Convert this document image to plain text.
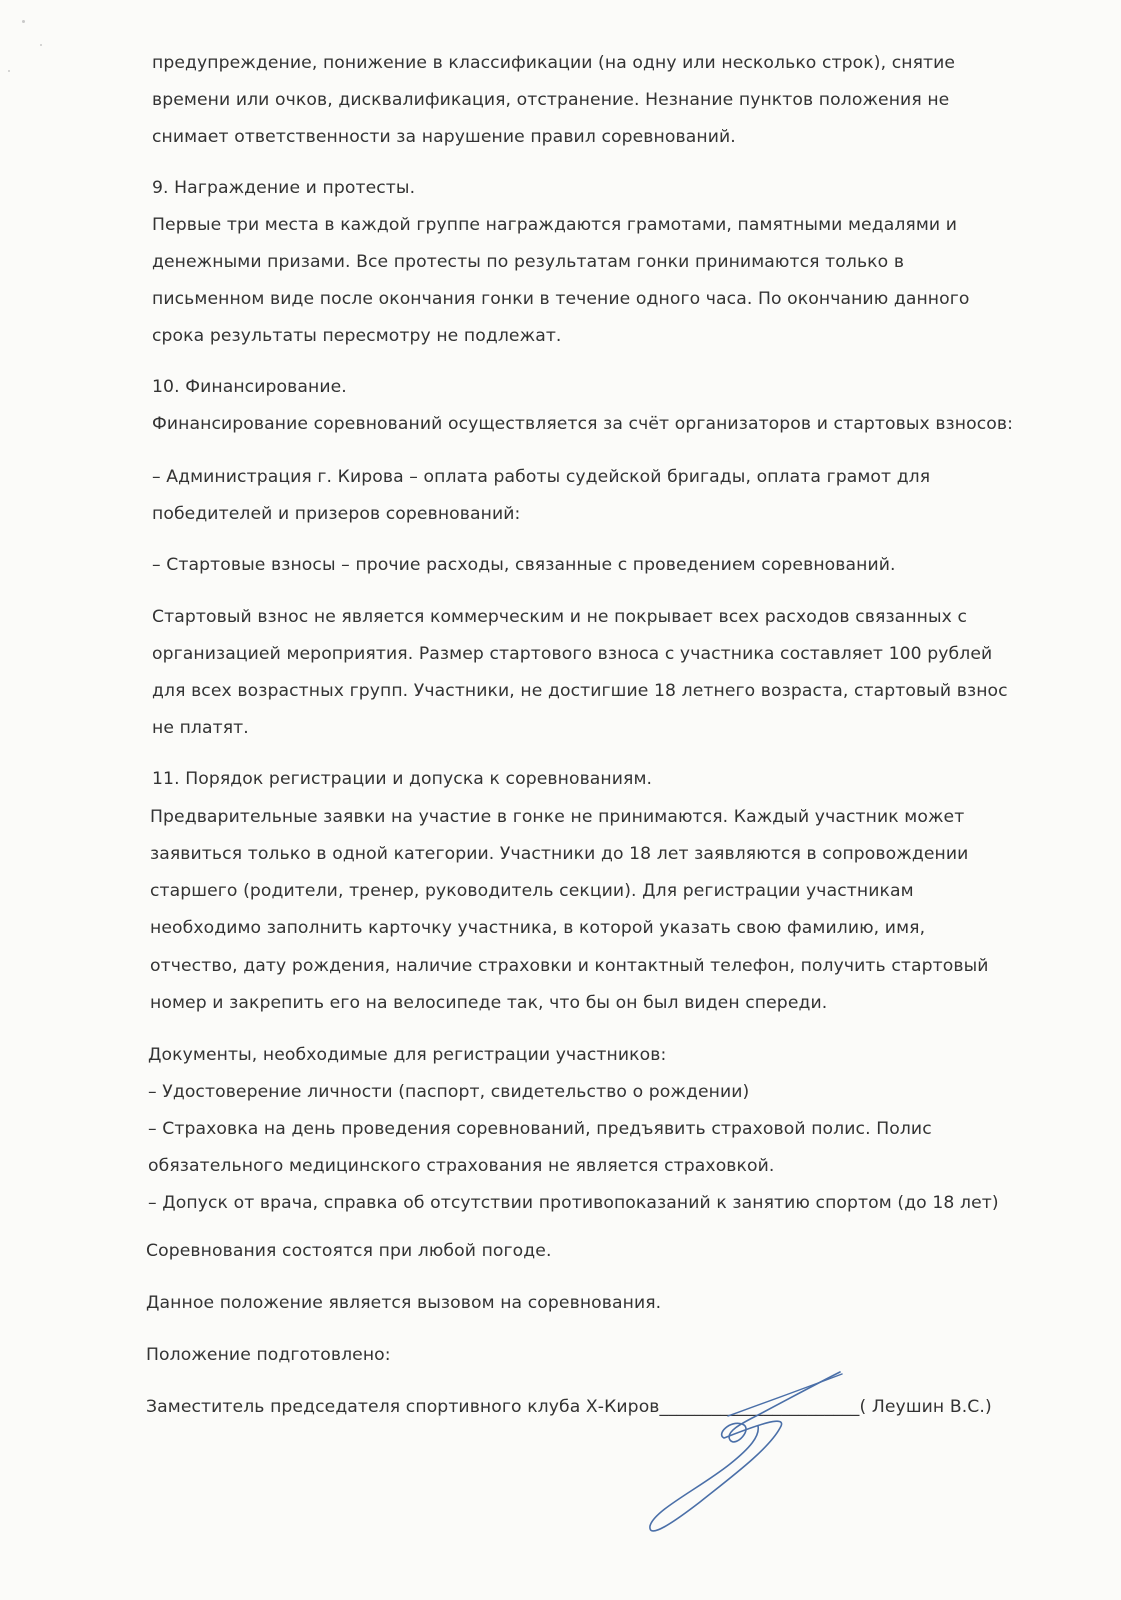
предупреждение, понижение в классификации (на одну или несколько строк), снятие
времени или очков, дисквалификация, отстранение. Незнание пунктов положения не
снимает ответственности за нарушение правил соревнований.
9. Награждение и протесты.
Первые три места в каждой группе награждаются грамотами, памятными медалями и
денежными призами. Все протесты по результатам гонки принимаются только в
письменном виде после окончания гонки в течение одного часа. По окончанию данного
срока результаты пересмотру не подлежат.
10. Финансирование.
Финансирование соревнований осуществляется за счёт организаторов и стартовых взносов:
– Администрация г. Кирова – оплата работы судейской бригады, оплата грамот для
победителей и призеров соревнований:
– Стартовые взносы – прочие расходы, связанные с проведением соревнований.
Стартовый взнос не является коммерческим и не покрывает всех расходов связанных с
организацией мероприятия. Размер стартового взноса с участника составляет 100 рублей
для всех возрастных групп. Участники, не достигшие 18 летнего возраста, стартовый взнос
не платят.
11. Порядок регистрации и допуска к соревнованиям.
Предварительные заявки на участие в гонке не принимаются. Каждый участник может
заявиться только в одной категории. Участники до 18 лет заявляются в сопровождении
старшего (родители, тренер, руководитель секции). Для регистрации участникам
необходимо заполнить карточку участника, в которой указать свою фамилию, имя,
отчество, дату рождения, наличие страховки и контактный телефон, получить стартовый
номер и закрепить его на велосипеде так, что бы он был виден спереди.
Документы, необходимые для регистрации участников:
– Удостоверение личности (паспорт, свидетельство о рождении)
– Страховка на день проведения соревнований, предъявить страховой полис. Полис
обязательного медицинского страхования не является страховкой.
– Допуск от врача, справка об отсутствии противопоказаний к занятию спортом (до 18 лет)
Соревнования состоятся при любой погоде.
Данное положение является вызовом на соревнования.
Положение подготовлено:
Заместитель председателя спортивного клуба Х-Киров_______________________( Леушин В.С.)
